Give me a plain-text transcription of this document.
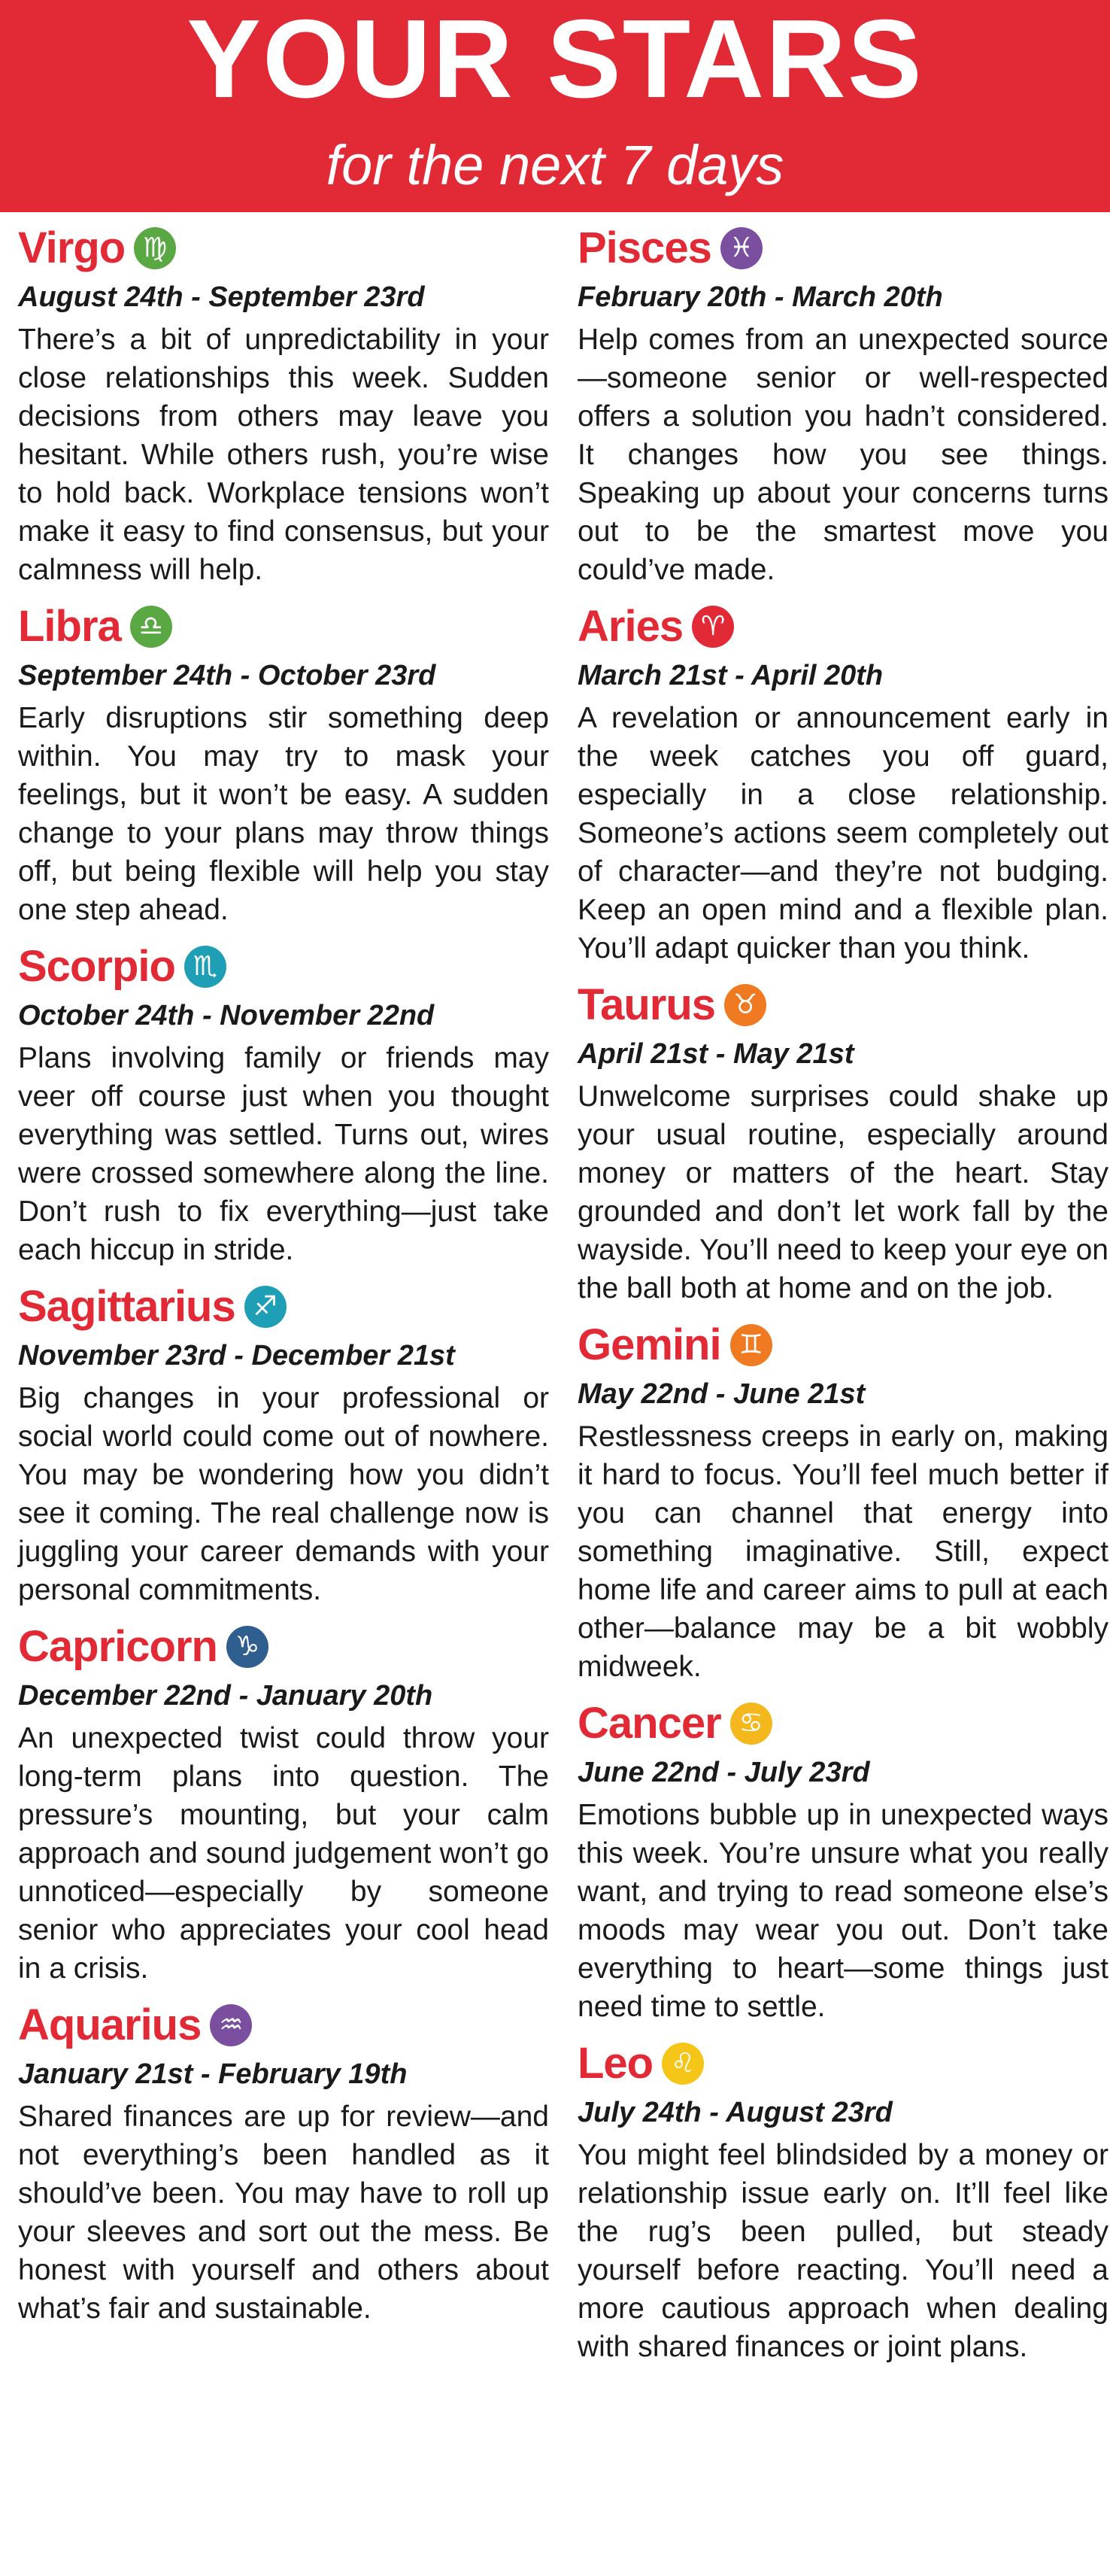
YOUR STARS
for the next 7 days
Virgo ♍
August 24th - September 23rd

There’s a bit of unpredictability in your close relationships this week. Sudden decisions from others may leave you hesitant. While others rush, you’re wise to hold back. Workplace tensions won’t make it easy to find consensus, but your calmness will help.

Libra ♎
September 24th - October 23rd

Early disruptions stir something deep within. You may try to mask your feelings, but it won’t be easy. A sudden change to your plans may throw things off, but being flexible will help you stay one step ahead.

Scorpio ♏
October 24th - November 22nd

Plans involving family or friends may veer off course just when you thought everything was settled. Turns out, wires were crossed somewhere along the line. Don’t rush to fix everything—just take each hiccup in stride.

Sagittarius ♐
November 23rd - December 21st

Big changes in your professional or social world could come out of nowhere. You may be wondering how you didn’t see it coming. The real challenge now is juggling your career demands with your personal commitments.

Capricorn ♑
December 22nd - January 20th

An unexpected twist could throw your long-term plans into question. The pressure’s mounting, but your calm approach and sound judgement won’t go unnoticed—especially by someone senior who appreciates your cool head in a crisis.

Aquarius ♒
January 21st - February 19th

Shared finances are up for review—and not everything’s been handled as it should’ve been. You may have to roll up your sleeves and sort out the mess. Be honest with yourself and others about what’s fair and sustainable.

Pisces ♓
February 20th - March 20th

Help comes from an unexpected source—someone senior or well-respected offers a solution you hadn’t considered. It changes how you see things. Speaking up about your concerns turns out to be the smartest move you could’ve made.

Aries ♈
March 21st - April 20th

A revelation or announcement early in the week catches you off guard, especially in a close relationship. Someone’s actions seem completely out of character—and they’re not budging. Keep an open mind and a flexible plan. You’ll adapt quicker than you think.

Taurus ♉
April 21st - May 21st

Unwelcome surprises could shake up your usual routine, especially around money or matters of the heart. Stay grounded and don’t let work fall by the wayside. You’ll need to keep your eye on the ball both at home and on the job.

Gemini ♊
May 22nd - June 21st

Restlessness creeps in early on, making it hard to focus. You’ll feel much better if you can channel that energy into something imaginative. Still, expect home life and career aims to pull at each other—balance may be a bit wobbly midweek.

Cancer ♋
June 22nd - July 23rd

Emotions bubble up in unexpected ways this week. You’re unsure what you really want, and trying to read someone else’s moods may wear you out. Don’t take everything to heart—some things just need time to settle.

Leo ♌
July 24th - August 23rd

You might feel blindsided by a money or relationship issue early on. It’ll feel like the rug’s been pulled, but steady yourself before reacting. You’ll need a more cautious approach when dealing with shared finances or joint plans.
